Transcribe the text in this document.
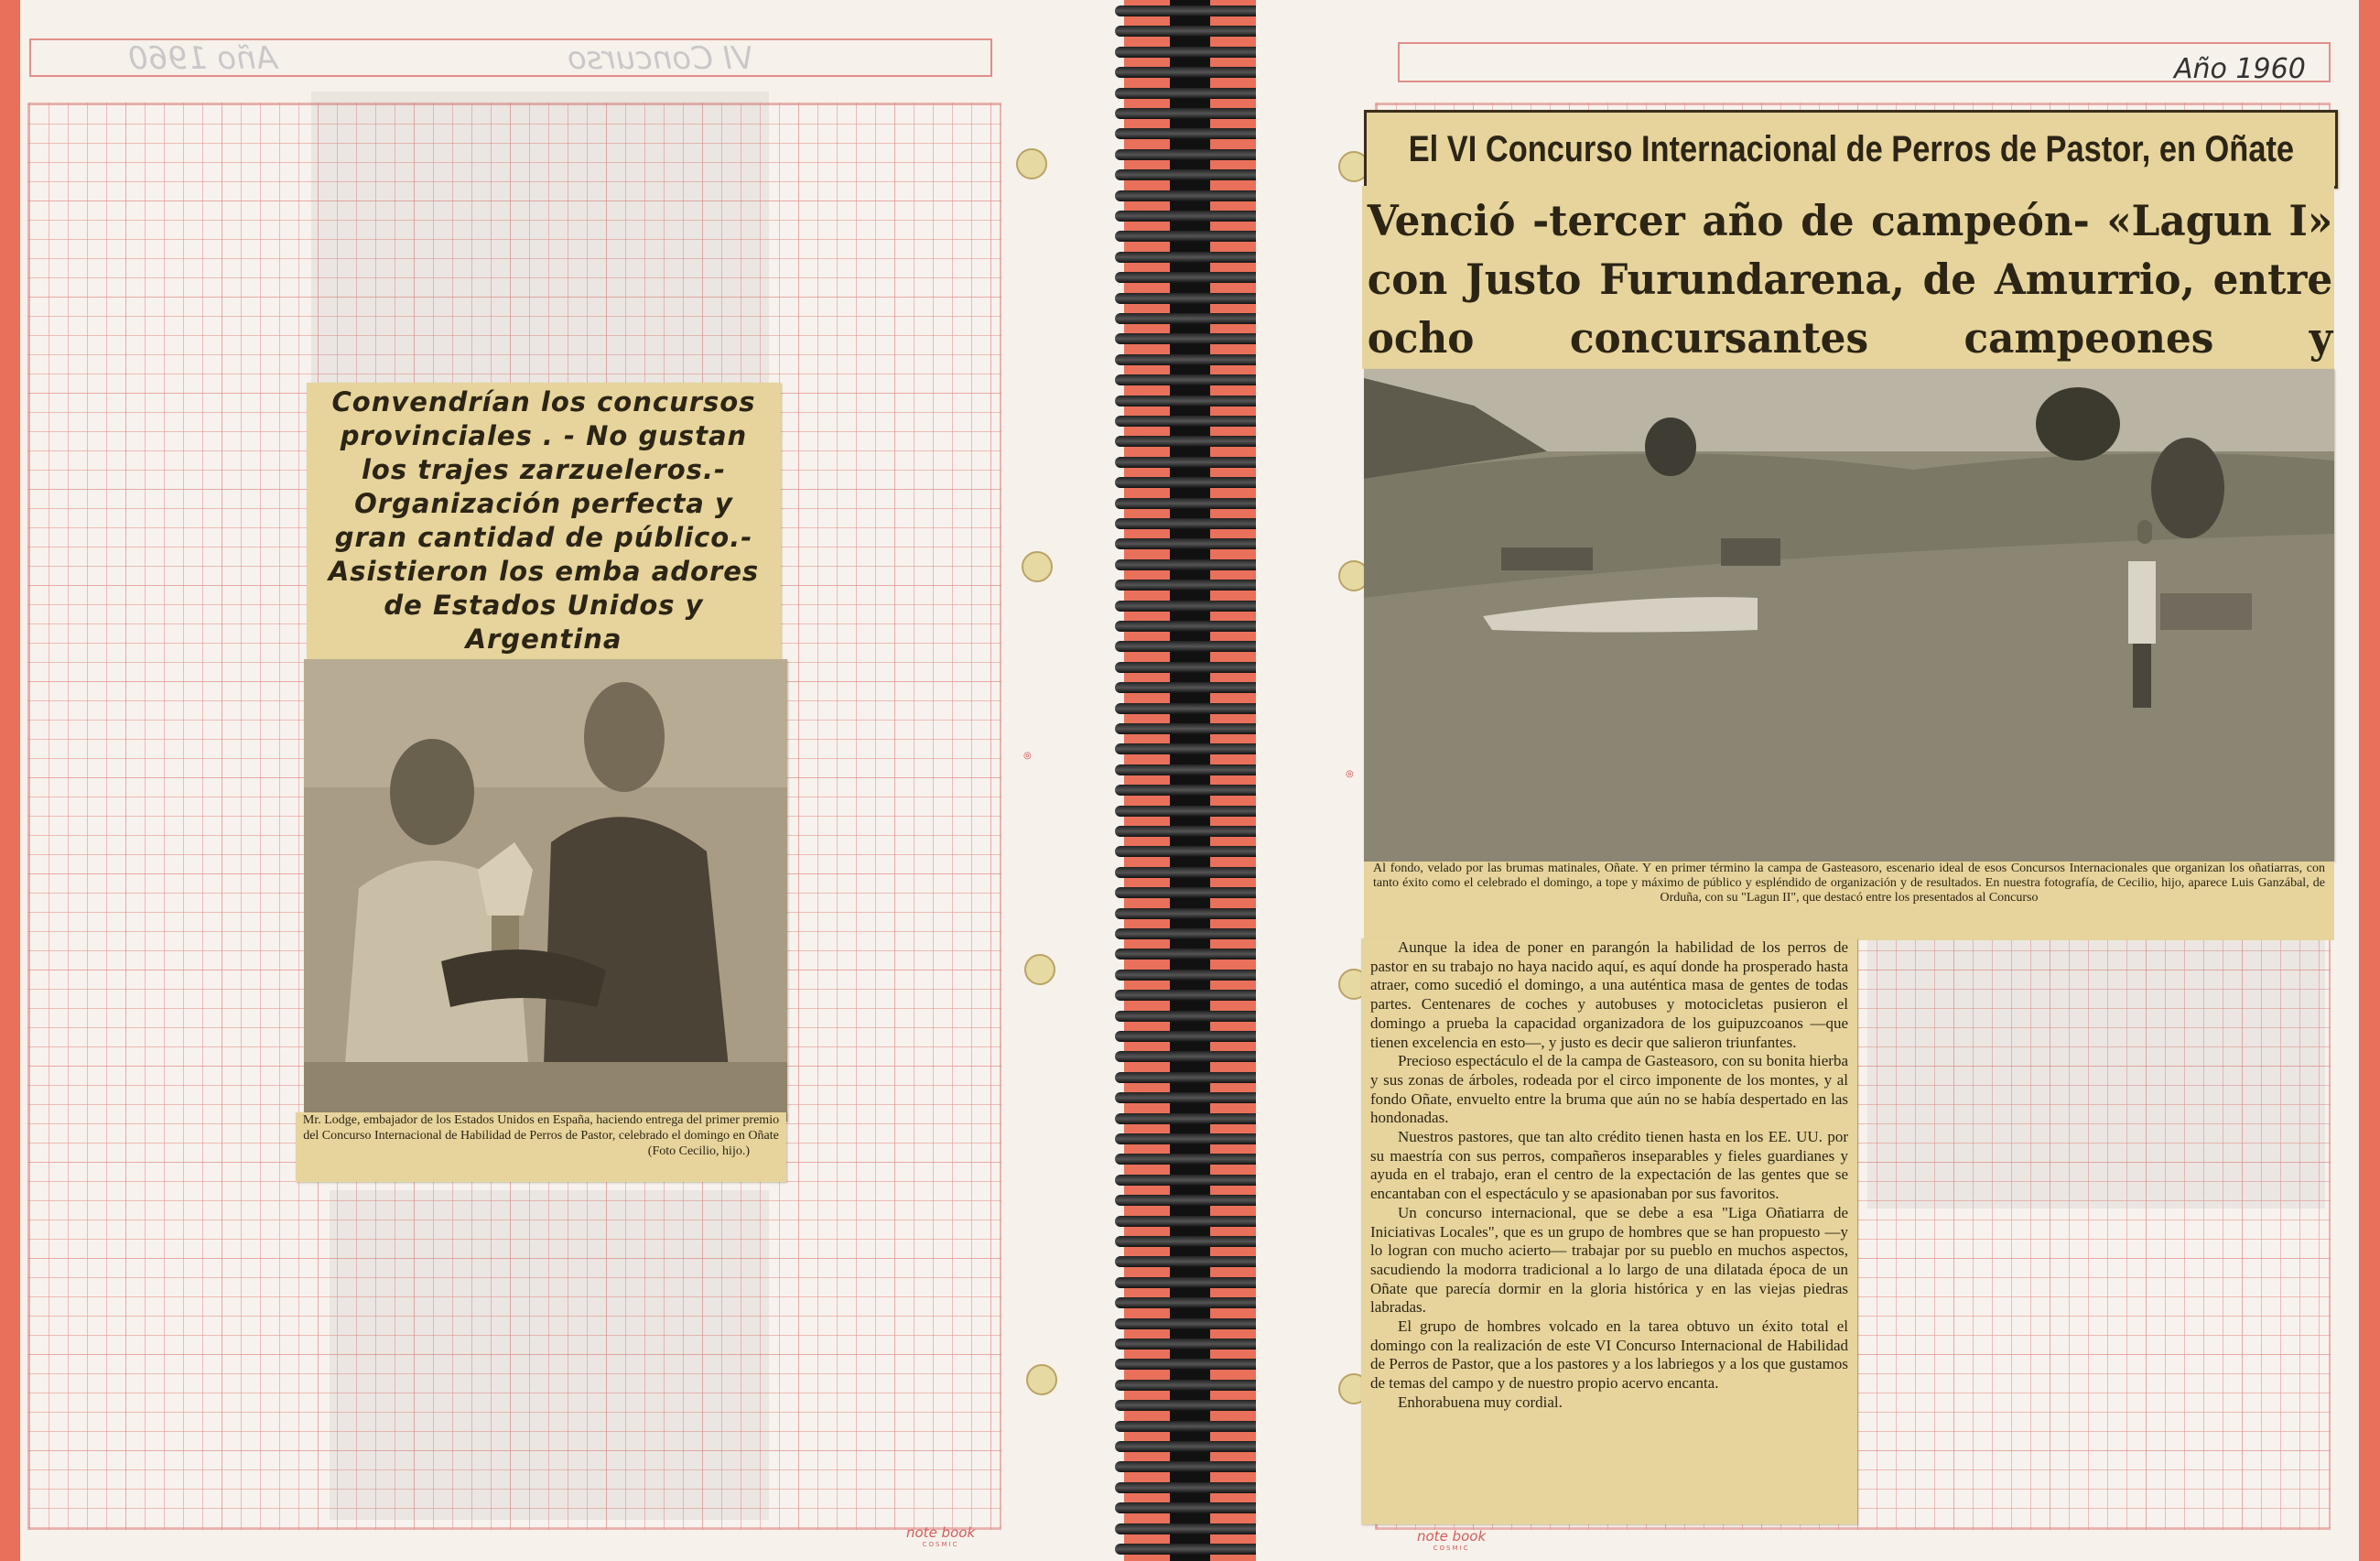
Año 1960	VI Concurso
Convendrían los concursos provinciales . - No gustan los trajes zarzueleros.- Organización perfecta y gran cantidad de público.-Asistieron los emba adores de Estados Unidos y Argentina
Mr. Lodge, embajador de los Estados Unidos en España, haciendo entrega del primer premio del Concurso Internacional de Habilidad de Perros de Pastor, celebrado el domingo en Oñate
(Foto Cecilio, hijo.)
◎
note book
COSMIC
Año 1960
◎
El VI Concurso Internacional de Perros de Pastor, en Oñate
Venció -tercer año de campeón- «Lagun I» con Justo Furundarena, de Amurrio, entre ocho concursantes campeones y
Al fondo, velado por las brumas matinales, Oñate. Y en primer término la campa de Gasteasoro, escenario ideal de esos Concursos Internacionales que organizan los oñatiarras, con tanto éxito como el celebrado el domingo, a tope y máximo de público y espléndido de organización y de resultados. En nuestra fotografía, de Cecilio, hijo, aparece Luis Ganzábal, de Orduña, con su "Lagun II", que destacó entre los presentados al Concurso

Aunque la idea de poner en parangón la habilidad de los perros de pastor en su trabajo no haya nacido aquí, es aquí donde ha prosperado hasta atraer, como sucedió el domingo, a una auténtica masa de gentes de todas partes. Centenares de coches y autobuses y motocicletas pusieron el domingo a prueba la capacidad organizadora de los guipuzcoanos —que tienen excelencia en esto—, y justo es decir que salieron triunfantes.

Precioso espectáculo el de la campa de Gasteasoro, con su bonita hierba y sus zonas de árboles, rodeada por el circo imponente de los montes, y al fondo Oñate, envuelto entre la bruma que aún no se había despertado en las hondonadas.

Nuestros pastores, que tan alto crédito tienen hasta en los EE. UU. por su maestría con sus perros, compañeros inseparables y fieles guardianes y ayuda en el trabajo, eran el centro de la expectación de las gentes que se encantaban con el espectáculo y se apasionaban por sus favoritos.

Un concurso internacional, que se debe a esa "Liga Oñatiarra de Iniciativas Locales", que es un grupo de hombres que se han propuesto —y lo logran con mucho acierto— trabajar por su pueblo en muchos aspectos, sacudiendo la modorra tradicional a lo largo de una dilatada época de un Oñate que parecía dormir en la gloria histórica y en las viejas piedras labradas.

El grupo de hombres volcado en la tarea obtuvo un éxito total el domingo con la realización de este VI Concurso Internacional de Habilidad de Perros de Pastor, que a los pastores y a los labriegos y a los que gustamos de temas del campo y de nuestro propio acervo encanta.

Enhorabuena muy cordial.

note book
COSMIC
